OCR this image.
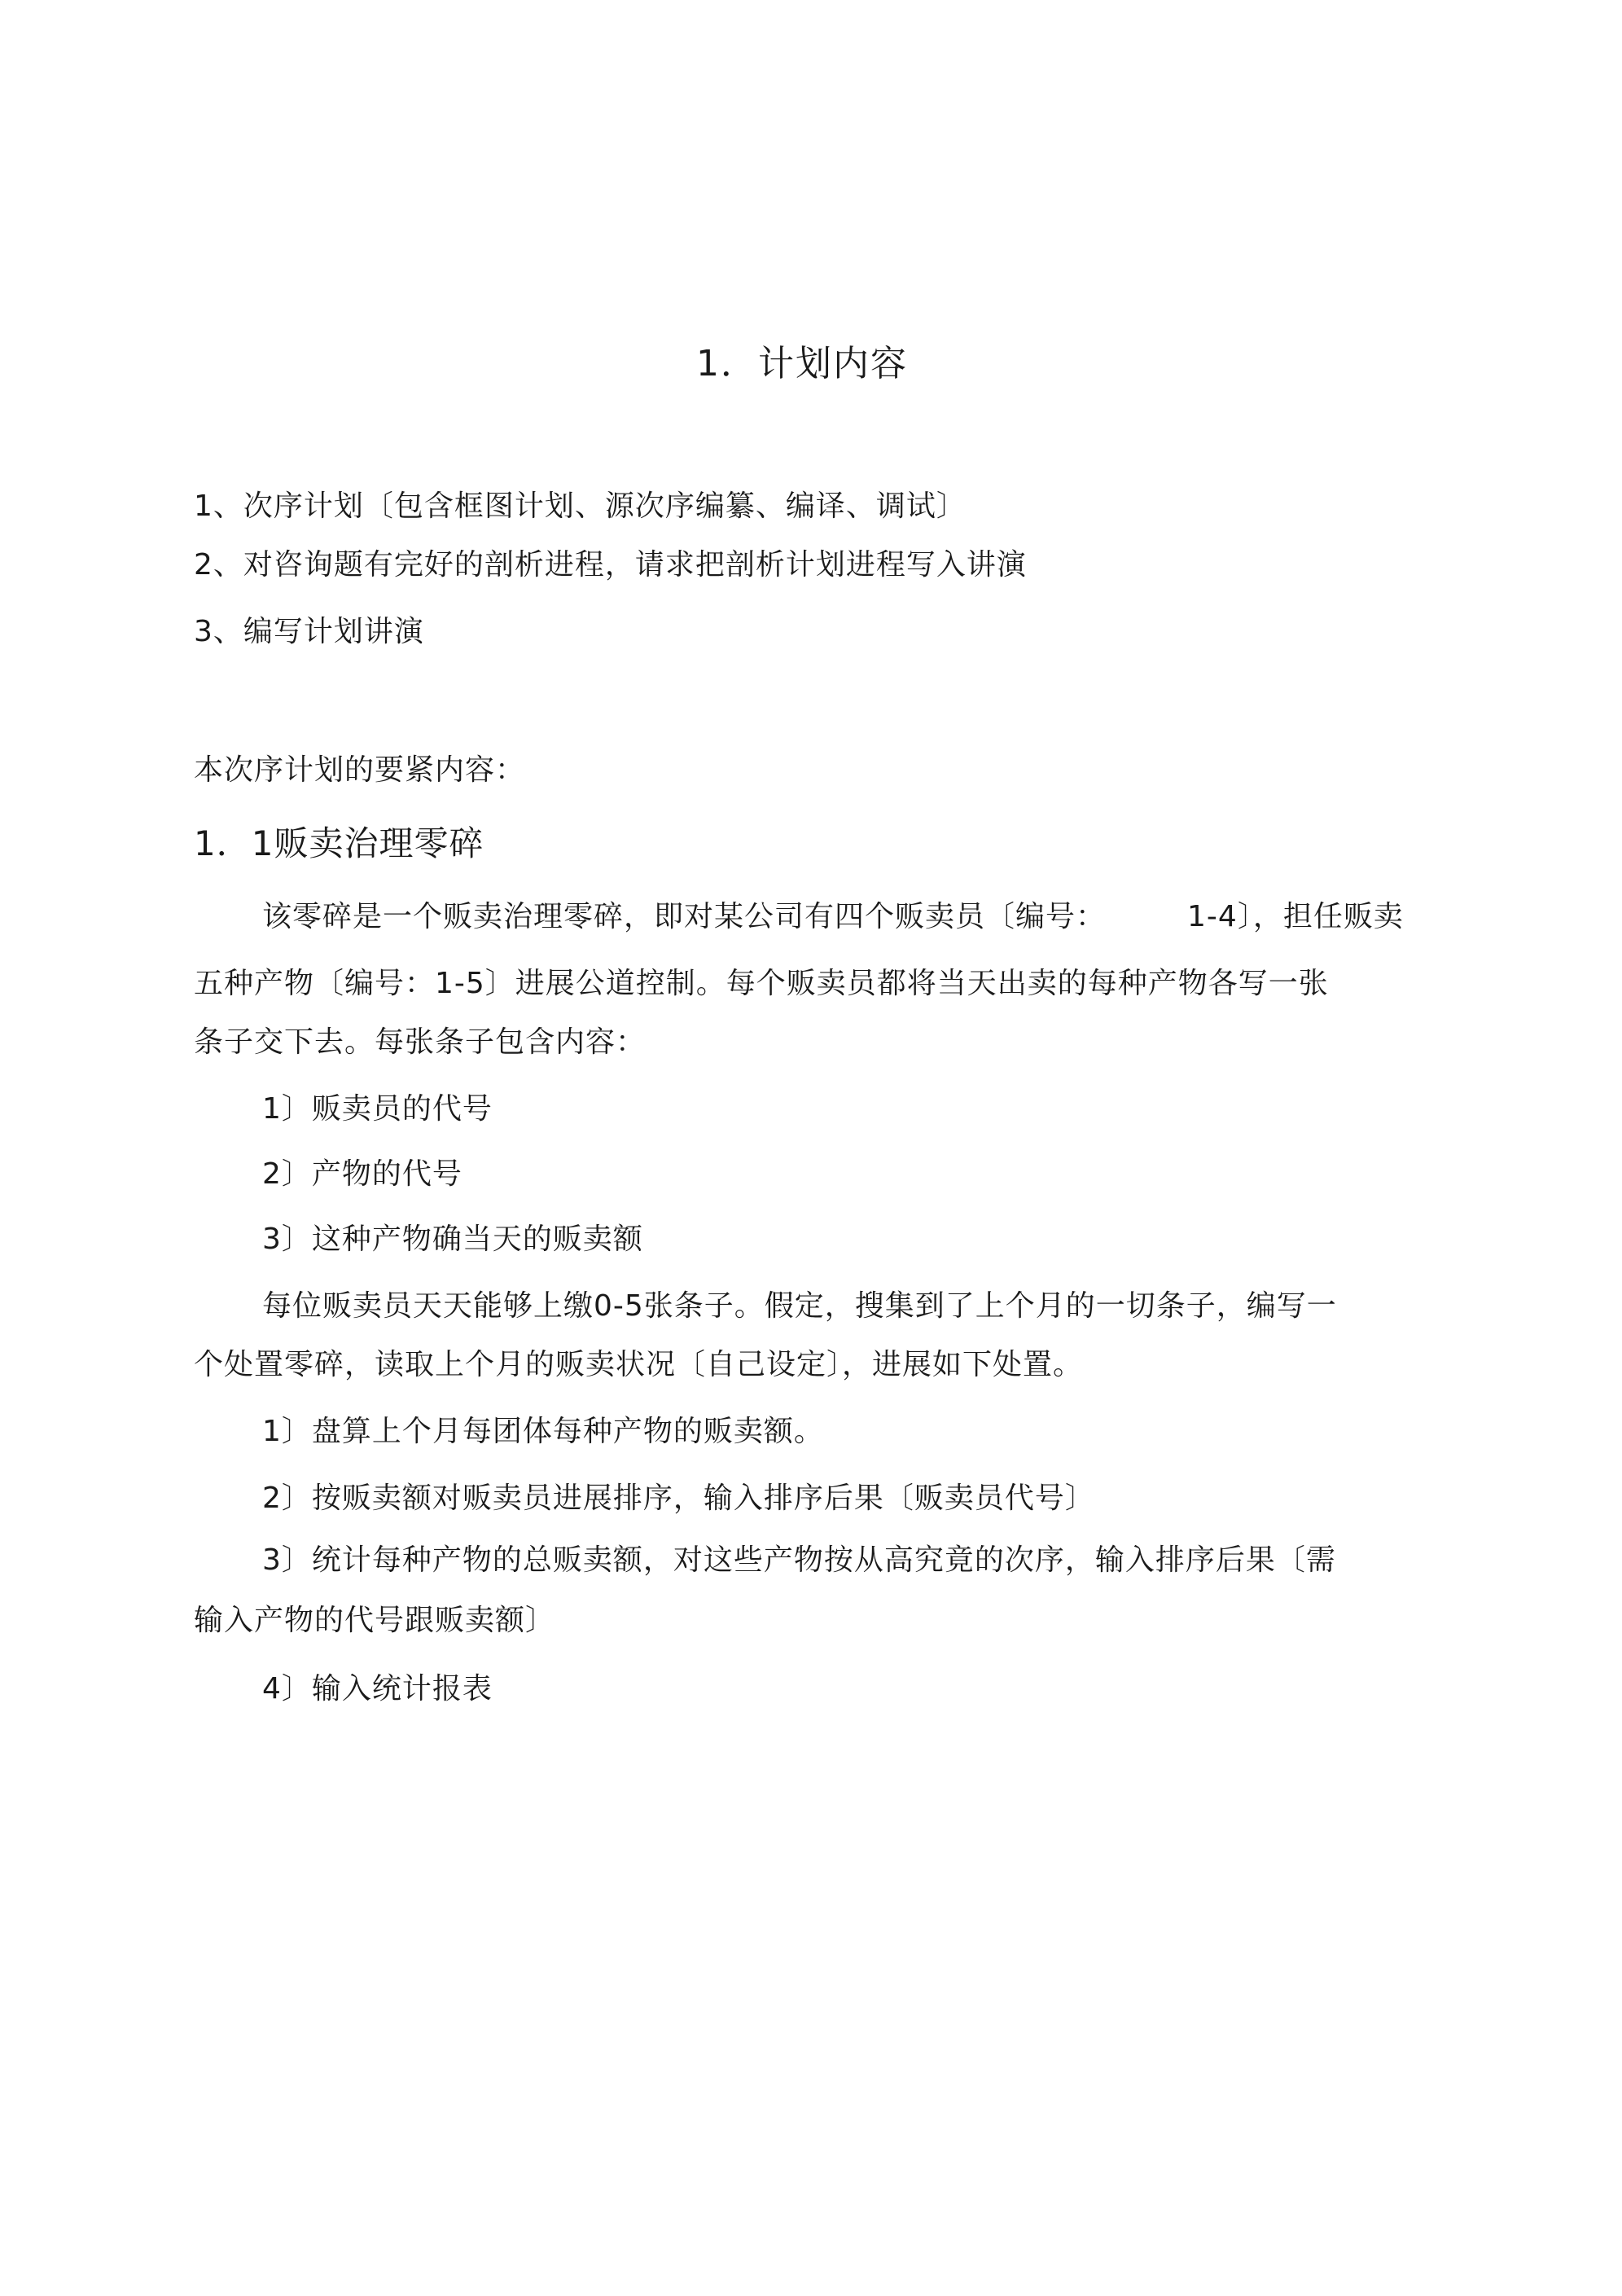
1．计划内容
1、次序计划〔包含框图计划、源次序编纂、编译、调试〕
2、对咨询题有完好的剖析进程，请求把剖析计划进程写入讲演
3、编写计划讲演
本次序计划的要紧内容：
1．1贩卖治理零碎
该零碎是一个贩卖治理零碎，即对某公司有四个贩卖员〔编号：	1-4〕，担任贩卖
五种产物〔编号：1-5〕进展公道控制。每个贩卖员都将当天出卖的每种产物各写一张
条子交下去。每张条子包含内容：
1〕贩卖员的代号
2〕产物的代号
3〕这种产物确当天的贩卖额
每位贩卖员天天能够上缴0-5张条子。假定，搜集到了上个月的一切条子，编写一
个处置零碎，读取上个月的贩卖状况〔自己设定〕，进展如下处置。
1〕盘算上个月每团体每种产物的贩卖额。
2〕按贩卖额对贩卖员进展排序，输入排序后果〔贩卖员代号〕
3〕统计每种产物的总贩卖额，对这些产物按从高究竟的次序，输入排序后果〔需
输入产物的代号跟贩卖额〕
4〕输入统计报表
